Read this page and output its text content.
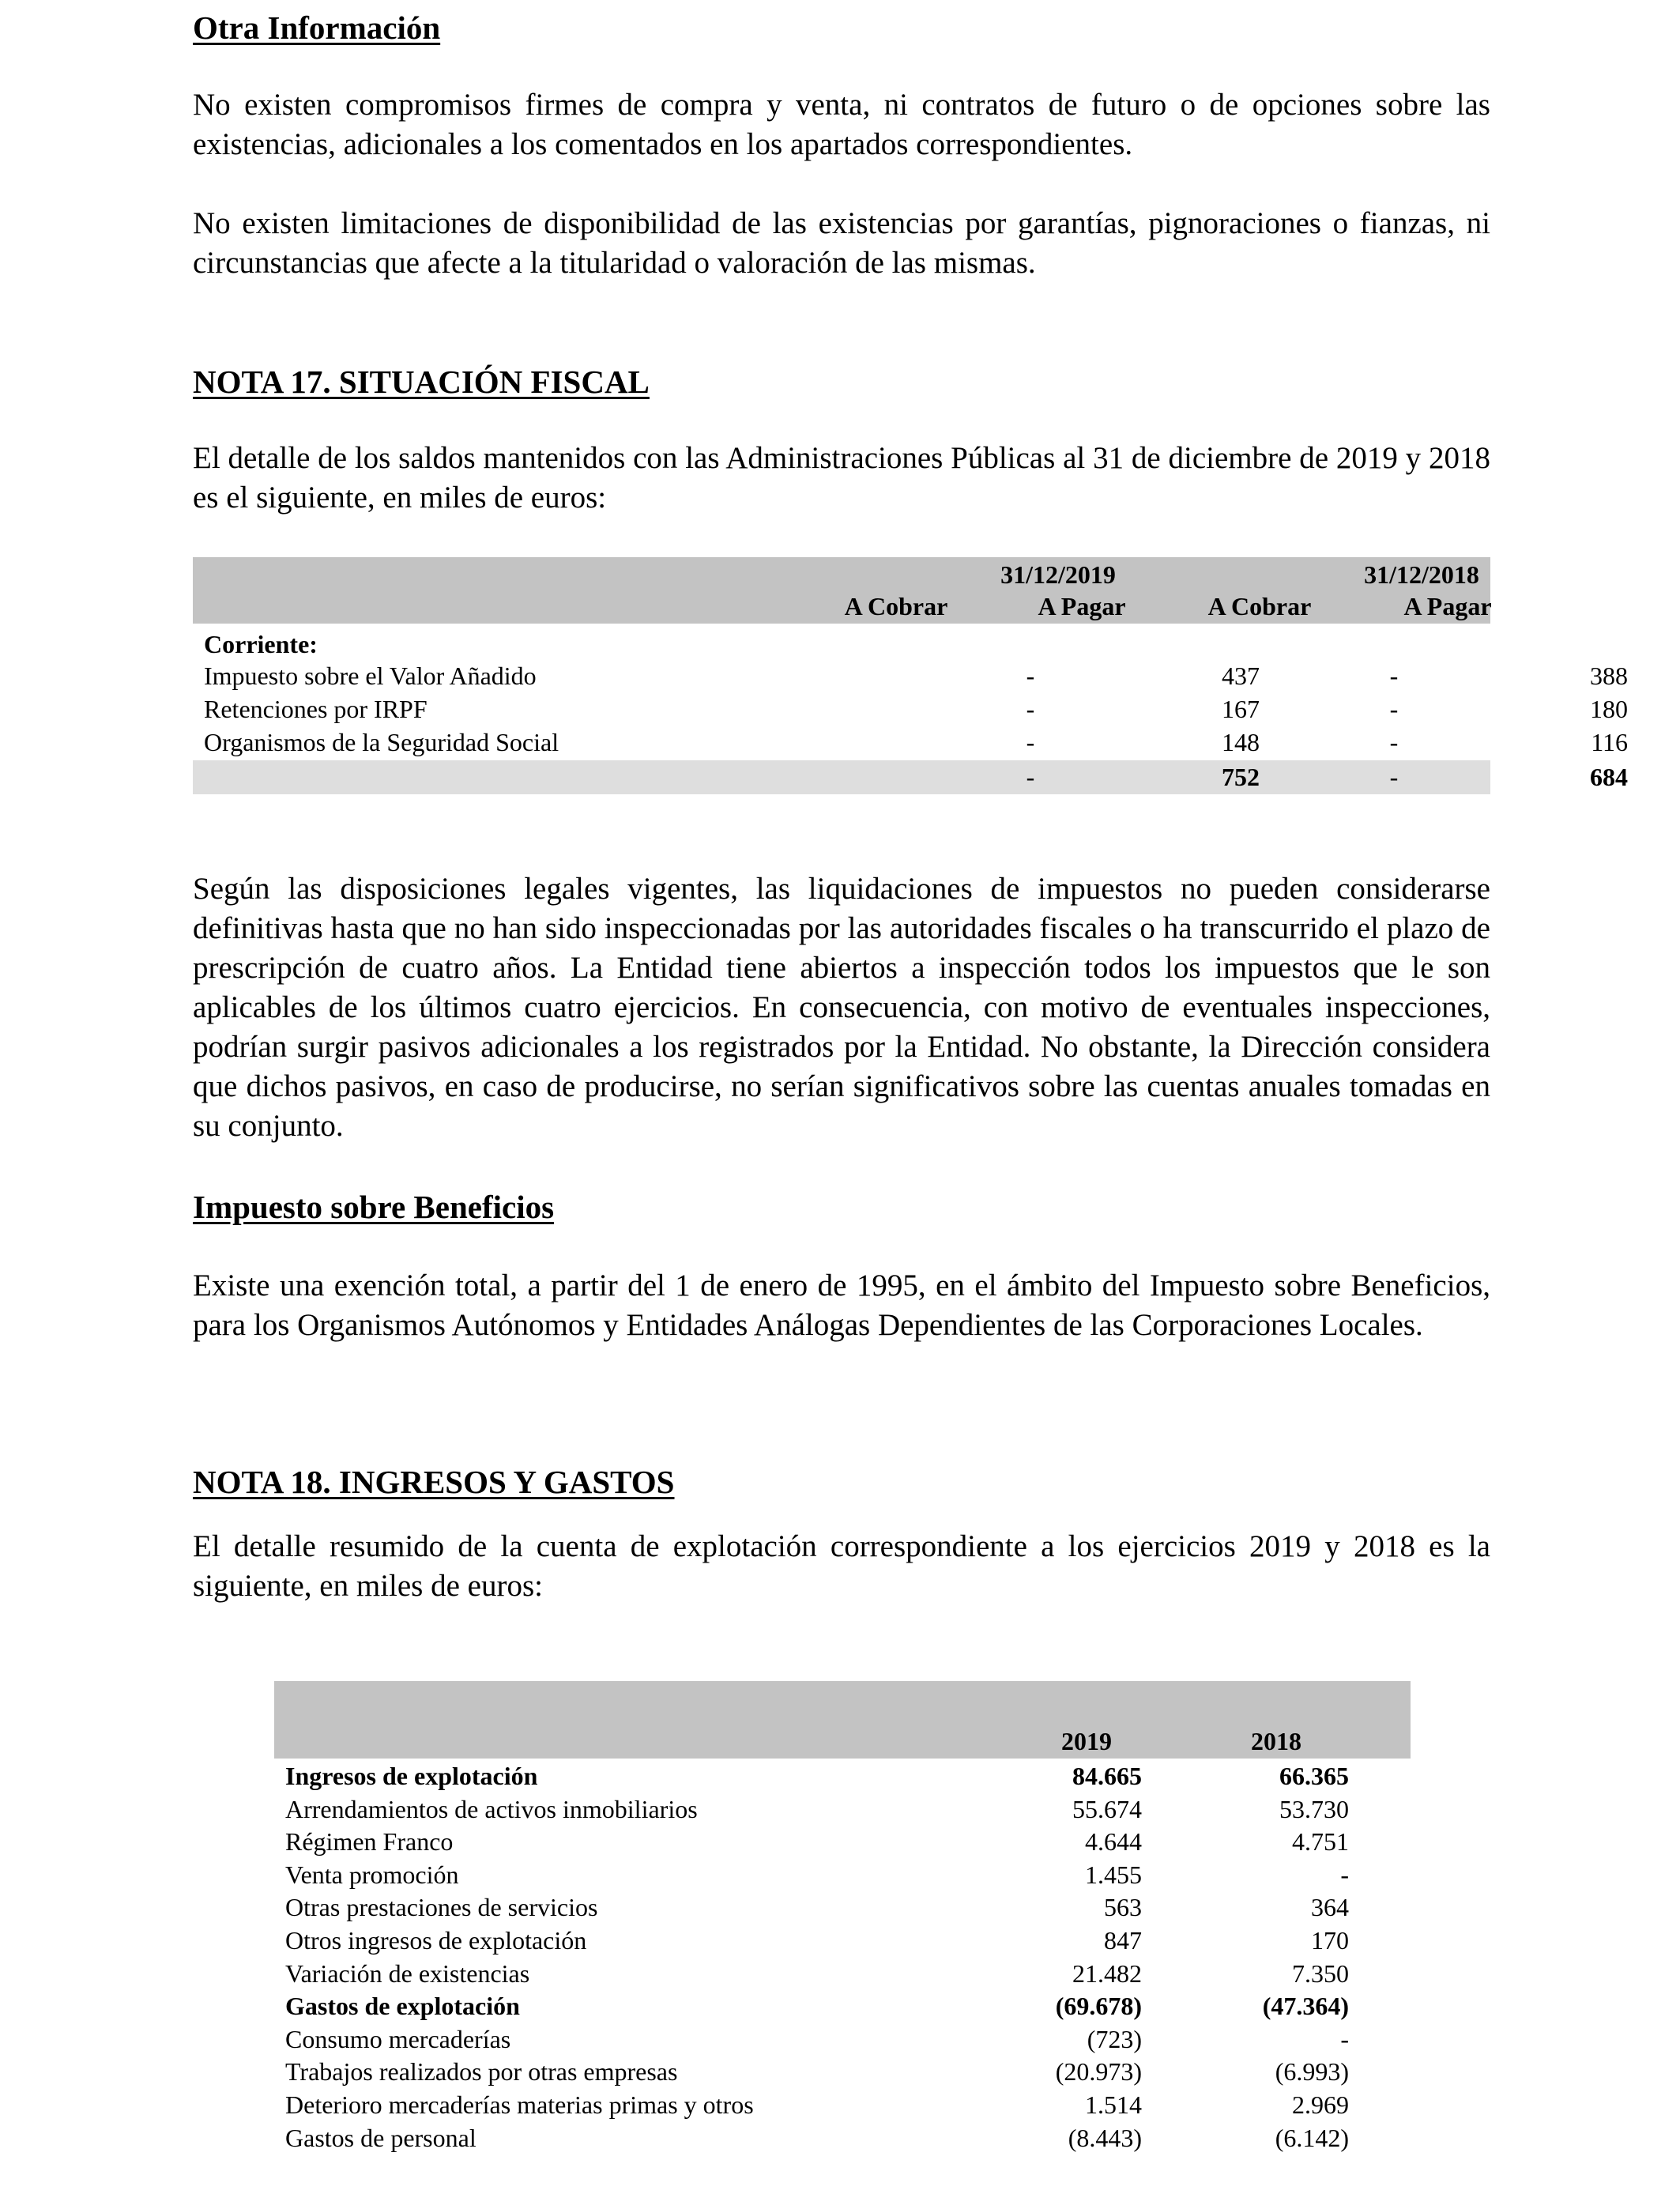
Otra Información

No existen compromisos firmes de compra y venta, ni contratos de futuro o de opciones sobre las existencias, adicionales a los comentados en los apartados correspondientes.

No existen limitaciones de disponibilidad de las existencias por garantías, pignoraciones o fianzas, ni circunstancias que afecte a la titularidad o valoración de las mismas.

NOTA 17. SITUACIÓN FISCAL

El detalle de los saldos mantenidos con las Administraciones Públicas al 31 de diciembre de 2019 y 2018 es el siguiente, en miles de euros:

31/12/2019	31/12/2018
A Cobrar	A Pagar	A Cobrar	A Pagar
Corriente:
Impuesto sobre el Valor Añadido	-	437	-	388
Retenciones por IRPF	-	167	-	180
Organismos de la Seguridad Social	-	148	-	116
-	752	-	684

Según las disposiciones legales vigentes, las liquidaciones de impuestos no pueden considerarse definitivas hasta que no han sido inspeccionadas por las autoridades fiscales o ha transcurrido el plazo de prescripción de cuatro años. La Entidad tiene abiertos a inspección todos los impuestos que le son aplicables de los últimos cuatro ejercicios. En consecuencia, con motivo de eventuales inspecciones, podrían surgir pasivos adicionales a los registrados por la Entidad. No obstante, la Dirección considera que dichos pasivos, en caso de producirse, no serían significativos sobre las cuentas anuales tomadas en su conjunto.

Impuesto sobre Beneficios

Existe una exención total, a partir del 1 de enero de 1995, en el ámbito del Impuesto sobre Beneficios, para los Organismos Autónomos y Entidades Análogas Dependientes de las Corporaciones Locales.

NOTA 18. INGRESOS Y GASTOS

El detalle resumido de la cuenta de explotación correspondiente a los ejercicios 2019 y 2018 es la siguiente, en miles de euros:

2019	2018
Ingresos de explotación	84.665	66.365
Arrendamientos de activos inmobiliarios	55.674	53.730
Régimen Franco	4.644	4.751
Venta promoción	1.455	-
Otras prestaciones de servicios	563	364
Otros ingresos de explotación	847	170
Variación de existencias	21.482	7.350
Gastos de explotación	(69.678)	(47.364)
Consumo mercaderías	(723)	-
Trabajos realizados por otras empresas	(20.973)	(6.993)
Deterioro mercaderías materias primas y otros	1.514	2.969
Gastos de personal	(8.443)	(6.142)
